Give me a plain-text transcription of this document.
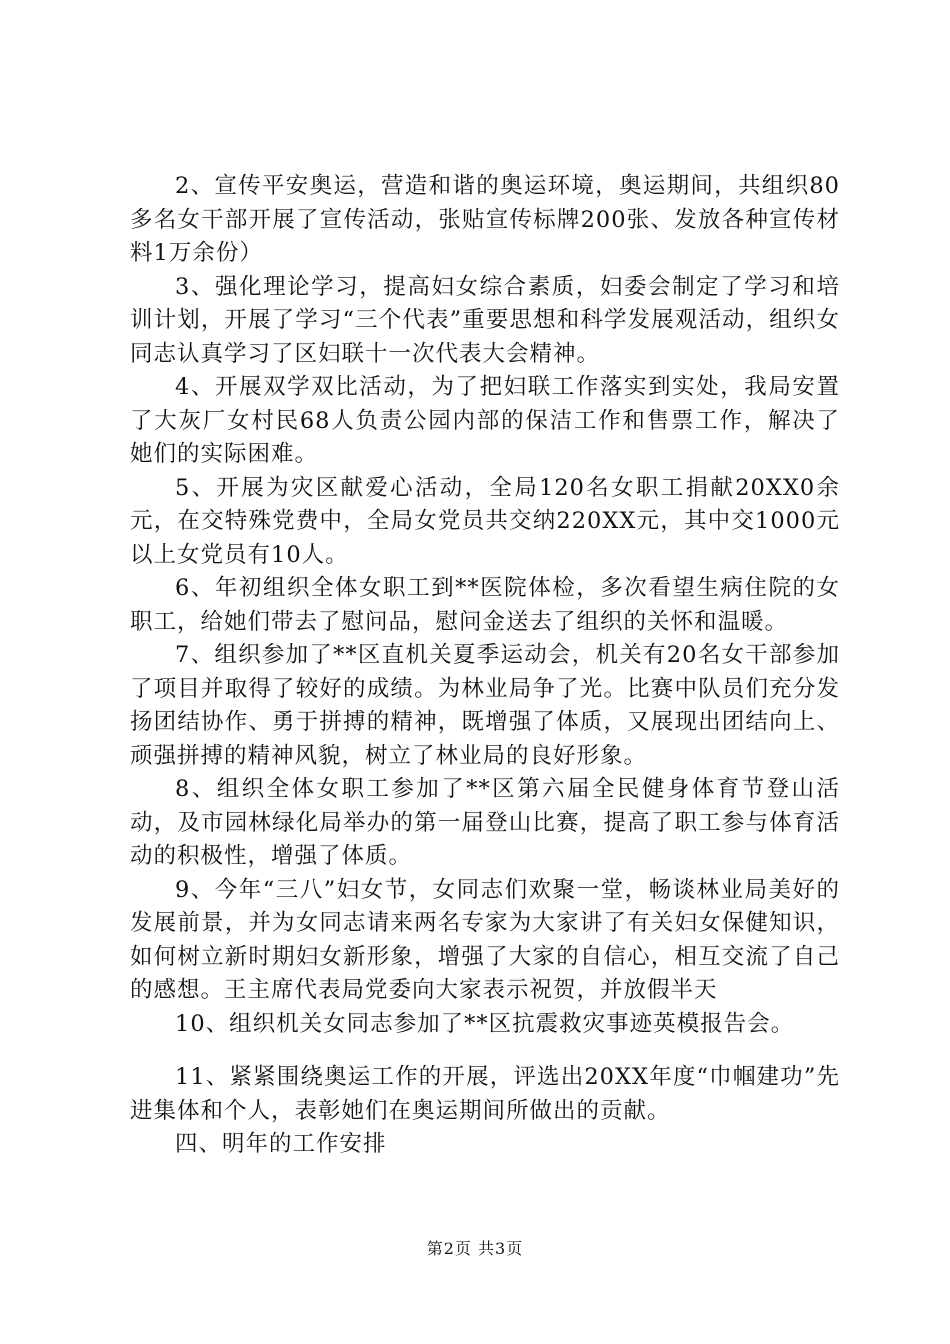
2、宣传平安奥运，营造和谐的奥运环境，奥运期间，共组织80多名女干部开展了宣传活动，张贴宣传标牌200张、发放各种宣传材料1万余份）

3、强化理论学习，提高妇女综合素质，妇委会制定了学习和培训计划，开展了学习“三个代表”重要思想和科学发展观活动，组织女同志认真学习了区妇联十一次代表大会精神。

4、开展双学双比活动，为了把妇联工作落实到实处，我局安置了大灰厂女村民68人负责公园内部的保洁工作和售票工作，解决了她们的实际困难。

5、开展为灾区献爱心活动，全局120名女职工捐献20XX0余元，在交特殊党费中，全局女党员共交纳220XX元，其中交1000元以上女党员有10人。

6、年初组织全体女职工到**医院体检，多次看望生病住院的女职工，给她们带去了慰问品，慰问金送去了组织的关怀和温暖。

7、组织参加了**区直机关夏季运动会，机关有20名女干部参加了项目并取得了较好的成绩。为林业局争了光。比赛中队员们充分发扬团结协作、勇于拼搏的精神，既增强了体质，又展现出团结向上、顽强拼搏的精神风貌，树立了林业局的良好形象。

8、组织全体女职工参加了**区第六届全民健身体育节登山活动，及市园林绿化局举办的第一届登山比赛，提高了职工参与体育活动的积极性，增强了体质。

9、今年“三八”妇女节，女同志们欢聚一堂，畅谈林业局美好的发展前景，并为女同志请来两名专家为大家讲了有关妇女保健知识，如何树立新时期妇女新形象，增强了大家的自信心，相互交流了自己的感想。王主席代表局党委向大家表示祝贺，并放假半天

10、组织机关女同志参加了**区抗震救灾事迹英模报告会。

11、紧紧围绕奥运工作的开展，评选出20XX年度“巾帼建功”先进集体和个人，表彰她们在奥运期间所做出的贡献。

四、明年的工作安排

第2页 共3页
